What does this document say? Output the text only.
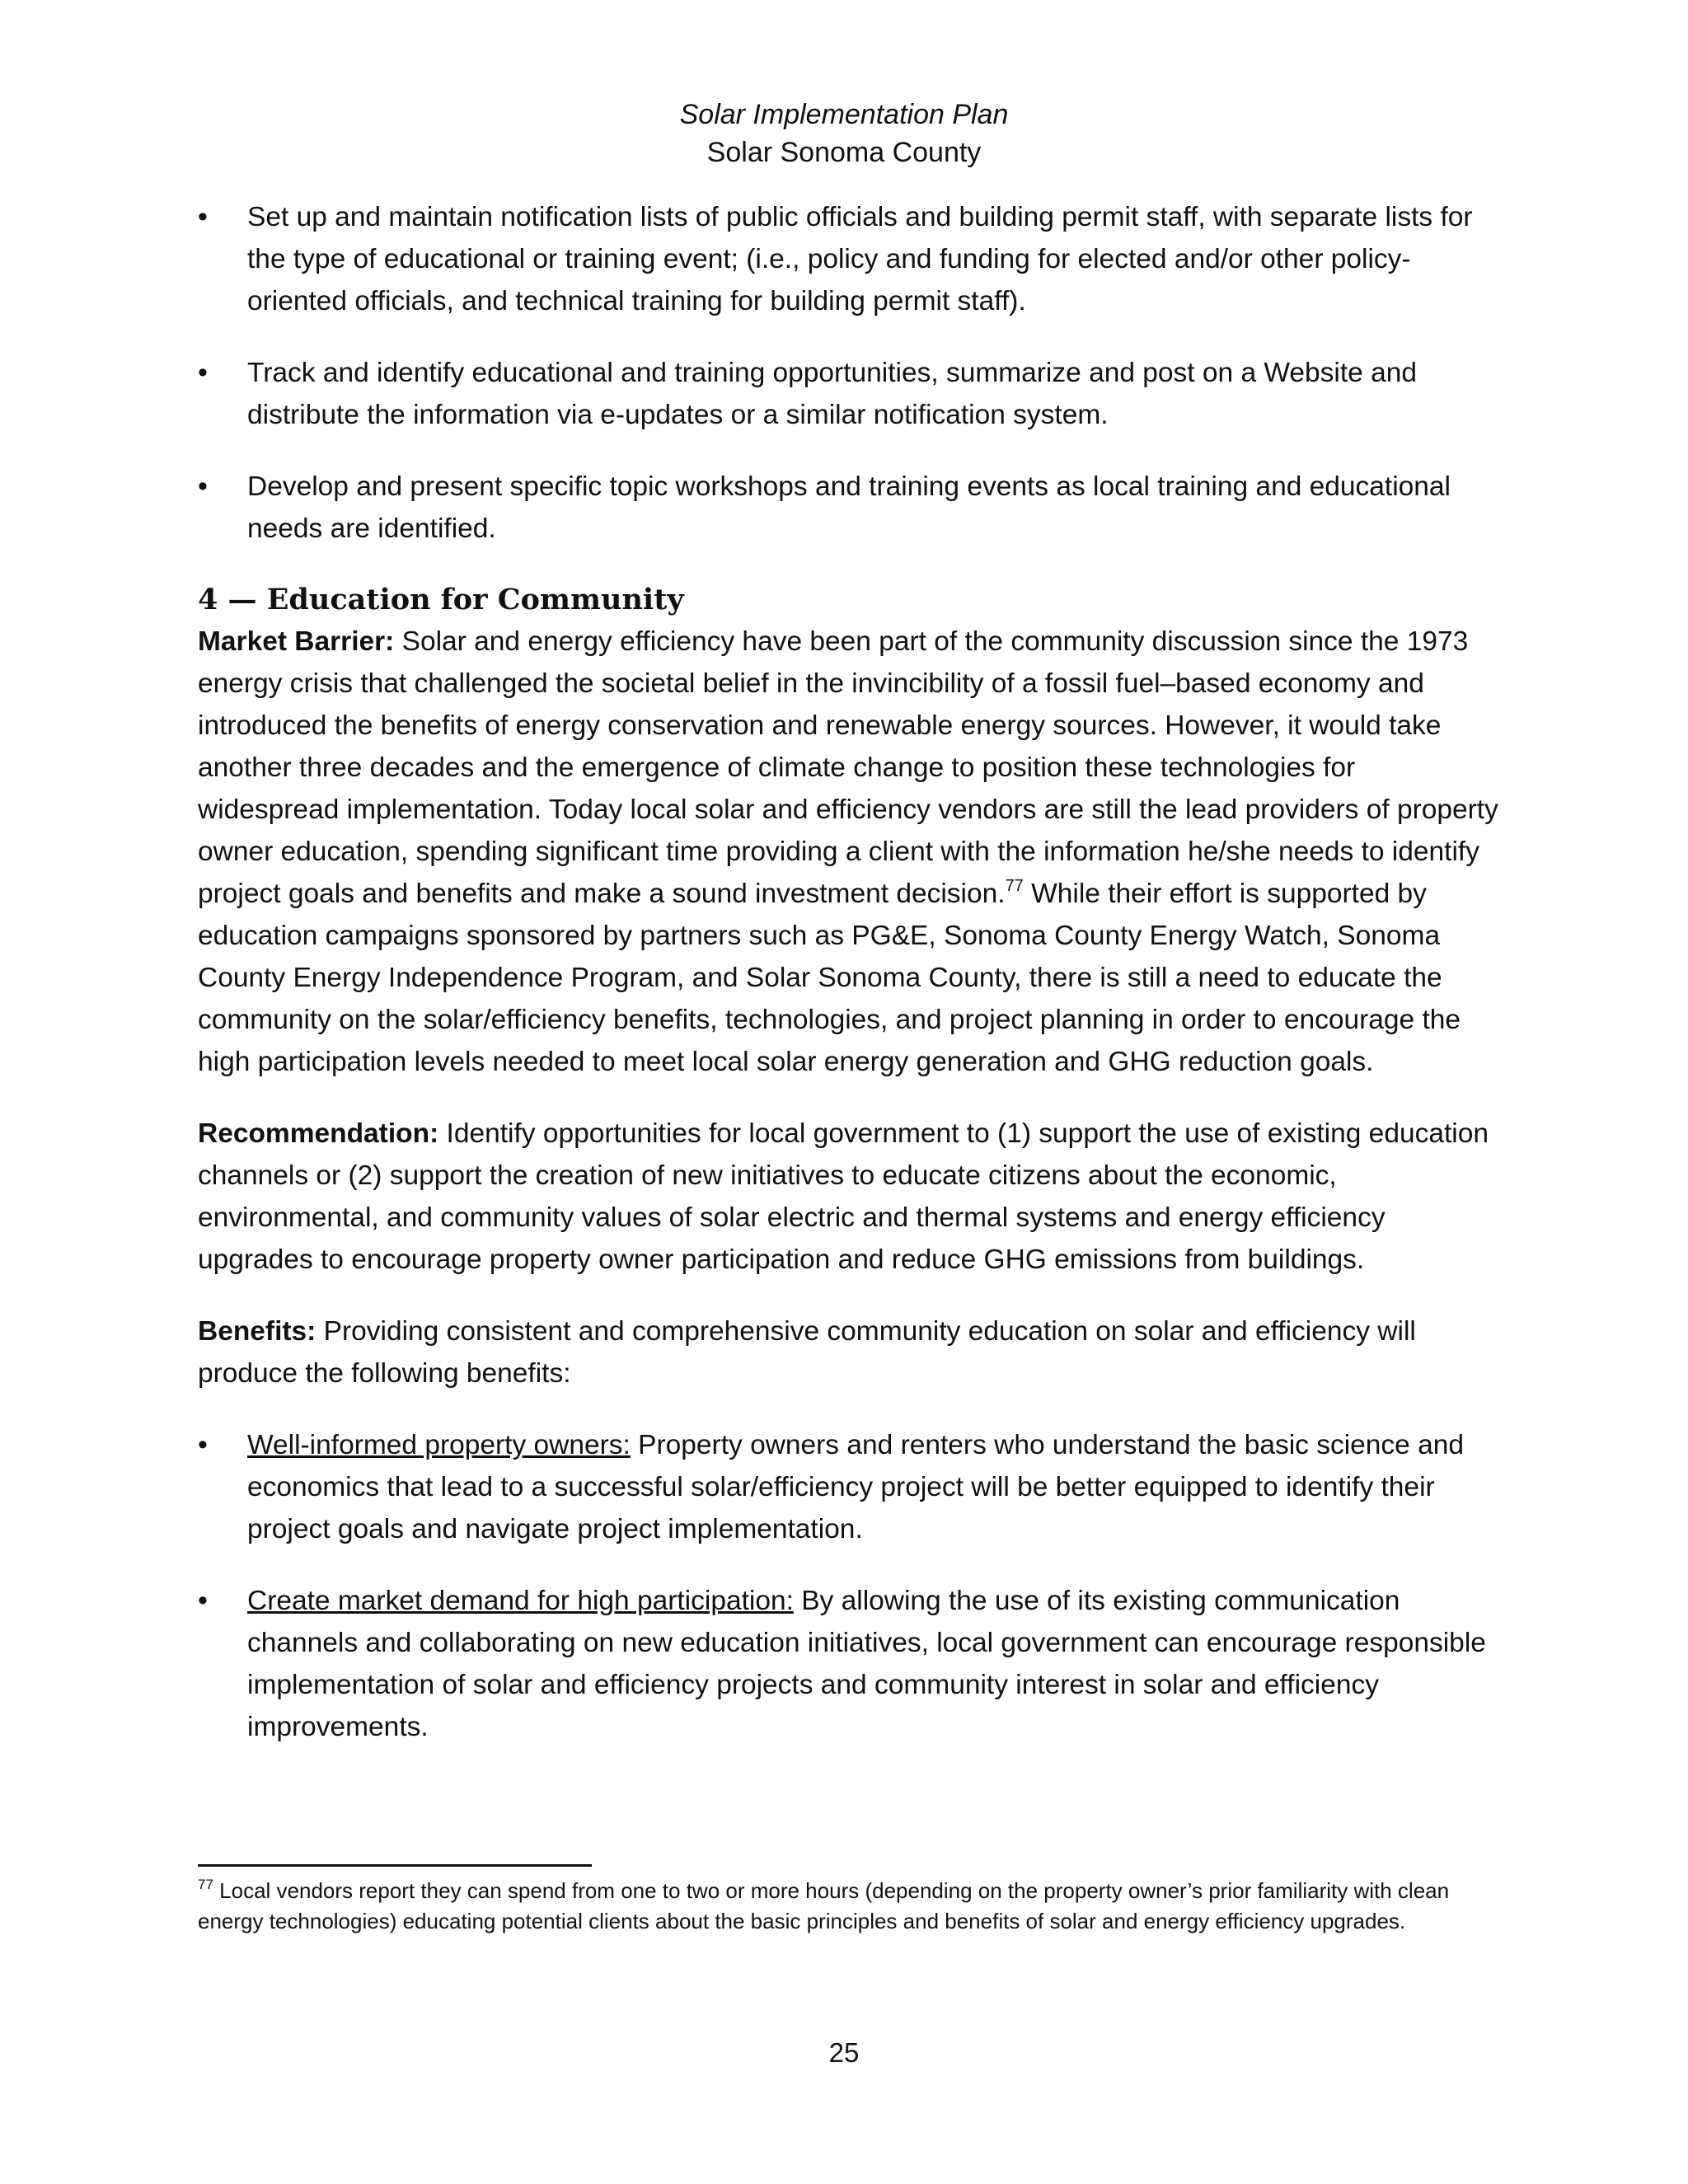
Solar Implementation Plan
Solar Sonoma County
• Set up and maintain notification lists of public officials and building permit staff, with separate lists for the type of educational or training event; (i.e., policy and funding for elected and/or other policy-oriented officials, and technical training for building permit staff).
• Track and identify educational and training opportunities, summarize and post on a Website and distribute the information via e-updates or a similar notification system.
• Develop and present specific topic workshops and training events as local training and educational needs are identified.
4 — Education for Community

Market Barrier: Solar and energy efficiency have been part of the community discussion since the 1973 energy crisis that challenged the societal belief in the invincibility of a fossil fuel–based economy and introduced the benefits of energy conservation and renewable energy sources. However, it would take another three decades and the emergence of climate change to position these technologies for widespread implementation. Today local solar and efficiency vendors are still the lead providers of property owner education, spending significant time providing a client with the information he/she needs to identify project goals and benefits and make a sound investment decision.$^{77}$ While their effort is supported by education campaigns sponsored by partners such as PG&E, Sonoma County Energy Watch, Sonoma County Energy Independence Program, and Solar Sonoma County, there is still a need to educate the community on the solar/efficiency benefits, technologies, and project planning in order to encourage the high participation levels needed to meet local solar energy generation and GHG reduction goals.

Recommendation: Identify opportunities for local government to (1) support the use of existing education channels or (2) support the creation of new initiatives to educate citizens about the economic, environmental, and community values of solar electric and thermal systems and energy efficiency upgrades to encourage property owner participation and reduce GHG emissions from buildings.

Benefits: Providing consistent and comprehensive community education on solar and efficiency will produce the following benefits:

• Well-informed property owners: Property owners and renters who understand the basic science and economics that lead to a successful solar/efficiency project will be better equipped to identify their project goals and navigate project implementation.
• Create market demand for high participation: By allowing the use of its existing communication channels and collaborating on new education initiatives, local government can encourage responsible implementation of solar and efficiency projects and community interest in solar and efficiency improvements.
$^{77}$ Local vendors report they can spend from one to two or more hours (depending on the property owner’s prior familiarity with clean energy technologies) educating potential clients about the basic principles and benefits of solar and energy efficiency upgrades.
25
